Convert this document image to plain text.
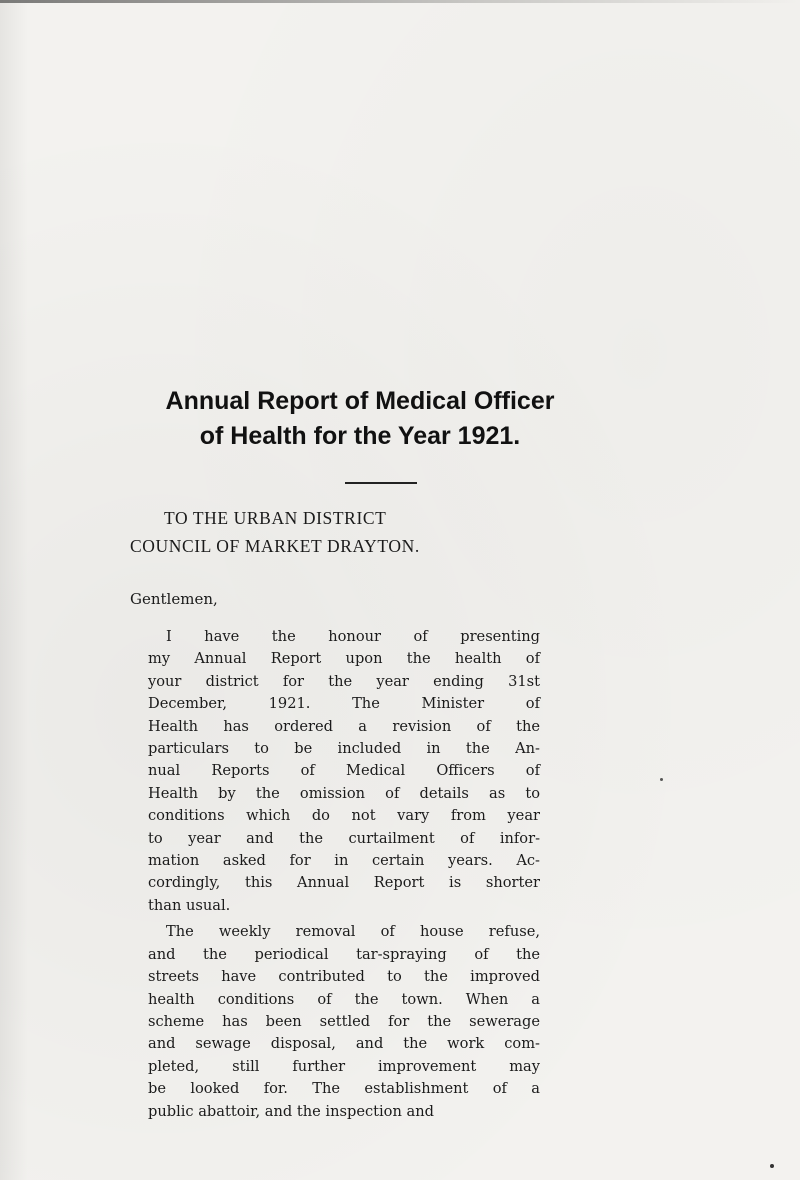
Annual Report of Medical Officer
of Health for the Year 1921.
TO THE URBAN DISTRICT
COUNCIL OF MARKET DRAYTON.
Gentlemen,

I have the honour of presenting
my Annual Report upon the health of
your district for the year ending 31st
December, 1921. The Minister of
Health has ordered a revision of the
particulars to be included in the An-
nual Reports of Medical Officers of
Health by the omission of details as to
conditions which do not vary from year
to year and the curtailment of infor-
mation asked for in certain years. Ac-
cordingly, this Annual Report is shorter
than usual.

The weekly removal of house refuse,
and the periodical tar-spraying of the
streets have contributed to the improved
health conditions of the town. When a
scheme has been settled for the sewerage
and sewage disposal, and the work com-
pleted, still further improvement may
be looked for. The establishment of a
public abattoir, and the inspection and
